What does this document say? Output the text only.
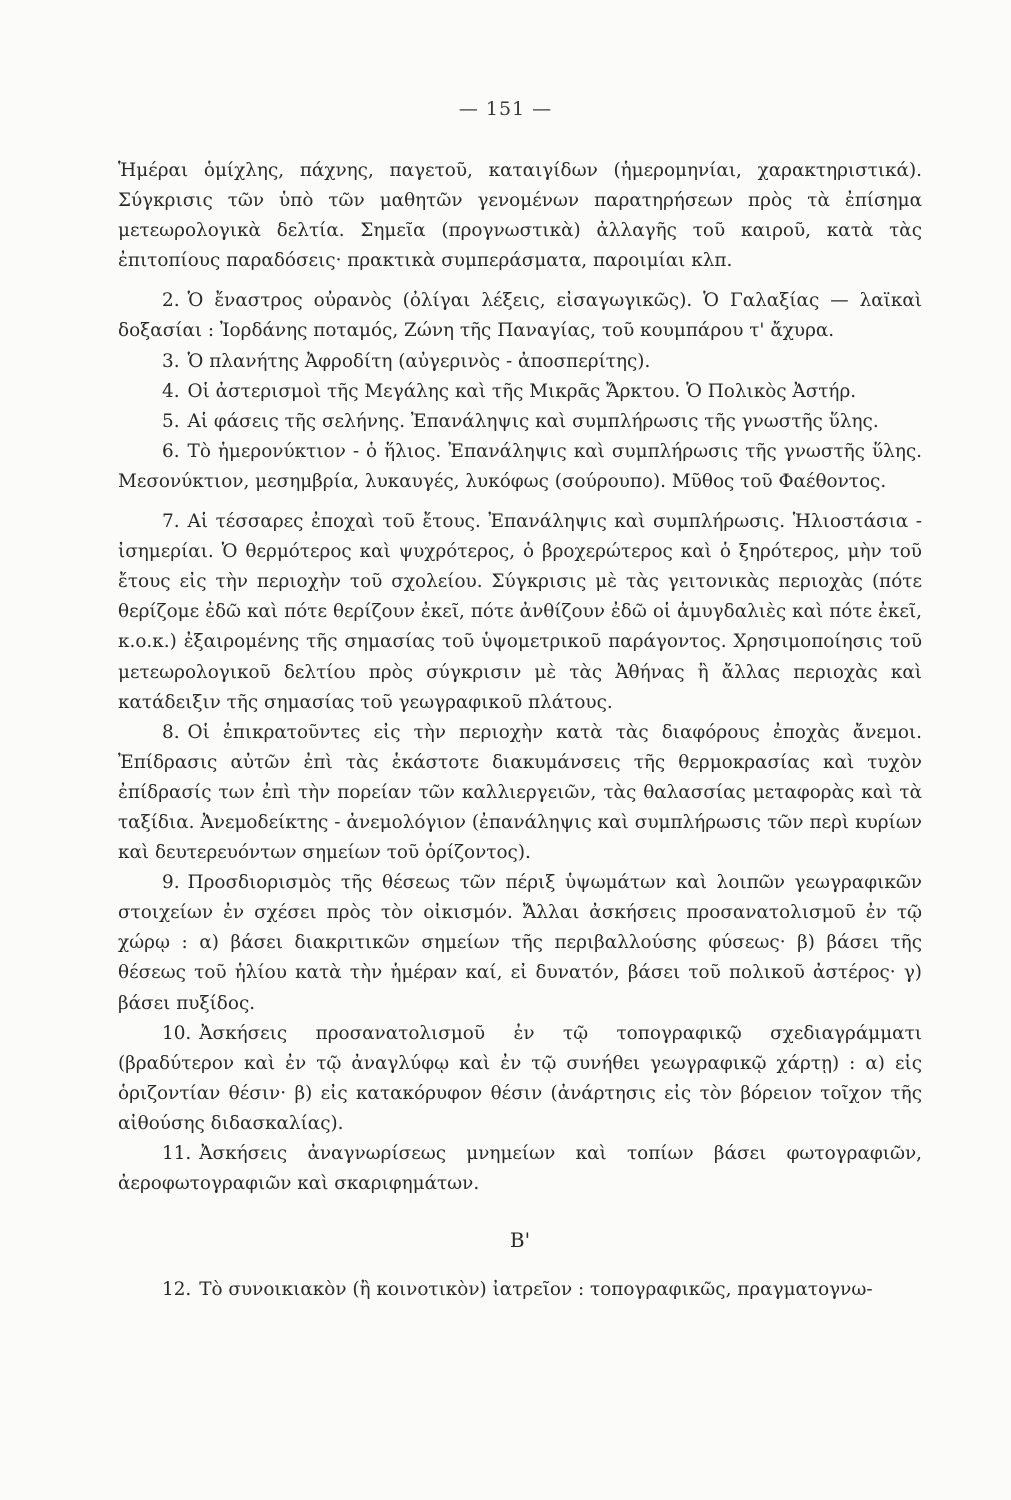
— 151 —

Ἡμέραι ὁμίχλης, πάχνης, παγετοῦ, καταιγίδων (ἡμερομηνίαι, χαρακτηριστικά). Σύγκρισις τῶν ὑπὸ τῶν μαθητῶν γενομένων παρατηρήσεων πρὸς τὰ ἐπίσημα μετεωρολογικὰ δελτία. Σημεῖα (προγνωστικὰ) ἀλλαγῆς τοῦ καιροῦ, κατὰ τὰς ἐπιτοπίους παραδόσεις· πρακτικὰ συμπεράσματα, παροιμίαι κλπ.

2. Ὁ ἔναστρος οὐρανὸς (ὀλίγαι λέξεις, εἰσαγωγικῶς). Ὁ Γαλαξίας — λαϊκαὶ δοξασίαι : Ἰορδάνης ποταμός, Ζώνη τῆς Παναγίας, τοῦ κουμπάρου τ' ἄχυρα.

3. Ὁ πλανήτης Ἀφροδίτη (αὐγερινὸς - ἀποσπερίτης).

4. Οἱ ἀστερισμοὶ τῆς Μεγάλης καὶ τῆς Μικρᾶς Ἄρκτου. Ὁ Πολικὸς Ἀστήρ.

5. Αἱ φάσεις τῆς σελήνης. Ἐπανάληψις καὶ συμπλήρωσις τῆς γνωστῆς ὕλης.

6. Τὸ ἡμερονύκτιον - ὁ ἥλιος. Ἐπανάληψις καὶ συμπλήρωσις τῆς γνωστῆς ὕλης. Μεσονύκτιον, μεσημβρία, λυκαυγές, λυκόφως (σούρουπο). Μῦθος τοῦ Φαέθοντος.

7. Αἱ τέσσαρες ἐποχαὶ τοῦ ἔτους. Ἐπανάληψις καὶ συμπλήρωσις. Ἡλιοστάσια - ἰσημερίαι. Ὁ θερμότερος καὶ ψυχρότερος, ὁ βροχερώτερος καὶ ὁ ξηρότερος, μὴν τοῦ ἔτους εἰς τὴν περιοχὴν τοῦ σχολείου. Σύγκρισις μὲ τὰς γειτονικὰς περιοχὰς (πότε θερίζομε ἐδῶ καὶ πότε θερίζουν ἐκεῖ, πότε ἀνθίζουν ἐδῶ οἱ ἀμυγδαλιὲς καὶ πότε ἐκεῖ, κ.ο.κ.) ἐξαιρομένης τῆς σημασίας τοῦ ὑψομετρικοῦ παράγοντος. Χρησιμοποίησις τοῦ μετεωρολογικοῦ δελτίου πρὸς σύγκρισιν μὲ τὰς Ἀθήνας ἢ ἄλλας περιοχὰς καὶ κατάδειξιν τῆς σημασίας τοῦ γεωγραφικοῦ πλάτους.

8. Οἱ ἐπικρατοῦντες εἰς τὴν περιοχὴν κατὰ τὰς διαφόρους ἐποχὰς ἄνεμοι. Ἐπίδρασις αὐτῶν ἐπὶ τὰς ἑκάστοτε διακυμάνσεις τῆς θερμοκρασίας καὶ τυχὸν ἐπίδρασίς των ἐπὶ τὴν πορείαν τῶν καλλιεργειῶν, τὰς θαλασσίας μεταφορὰς καὶ τὰ ταξίδια. Ἀνεμοδείκτης - ἀνεμολόγιον (ἐπανάληψις καὶ συμπλήρωσις τῶν περὶ κυρίων καὶ δευτερευόντων σημείων τοῦ ὁρίζοντος).

9. Προσδιορισμὸς τῆς θέσεως τῶν πέριξ ὑψωμάτων καὶ λοιπῶν γεωγραφικῶν στοιχείων ἐν σχέσει πρὸς τὸν οἰκισμόν. Ἄλλαι ἀσκήσεις προσανατολισμοῦ ἐν τῷ χώρῳ : α) βάσει διακριτικῶν σημείων τῆς περιβαλλούσης φύσεως· β) βάσει τῆς θέσεως τοῦ ἡλίου κατὰ τὴν ἡμέραν καί, εἰ δυνατόν, βάσει τοῦ πολικοῦ ἀστέρος· γ) βάσει πυξίδος.

10. Ἀσκήσεις προσανατολισμοῦ ἐν τῷ τοπογραφικῷ σχεδιαγράμματι (βραδύτερον καὶ ἐν τῷ ἀναγλύφῳ καὶ ἐν τῷ συνήθει γεωγραφικῷ χάρτῃ) : α) εἰς ὁριζοντίαν θέσιν· β) εἰς κατακόρυφον θέσιν (ἀνάρτησις εἰς τὸν βόρειον τοῖχον τῆς αἰθούσης διδασκαλίας).

11. Ἀσκήσεις ἀναγνωρίσεως μνημείων καὶ τοπίων βάσει φωτογραφιῶν, ἀεροφωτογραφιῶν καὶ σκαριφημάτων.

Β'

12. Τὸ συνοικιακὸν (ἢ κοινοτικὸν) ἰατρεῖον : τοπογραφικῶς, πραγματογνω-
